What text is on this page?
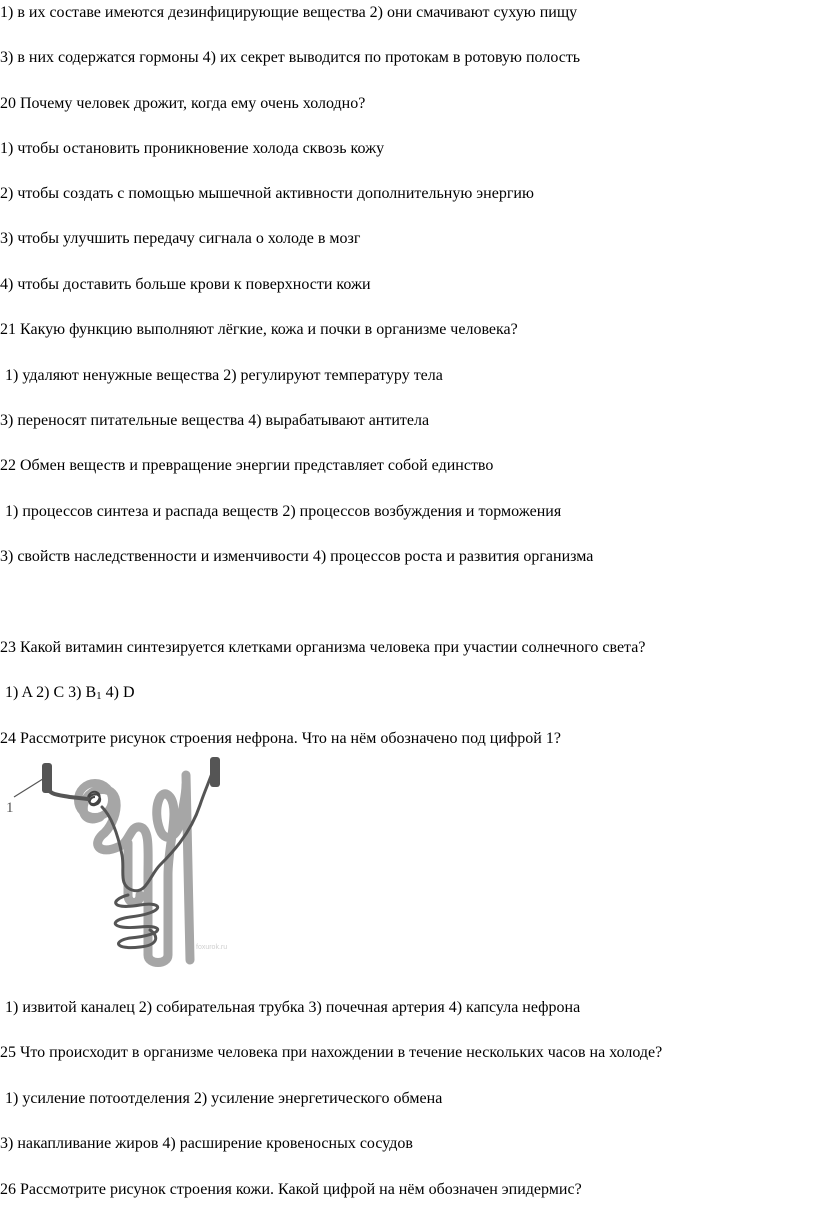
1) в их составе имеются дезинфицирующие вещества 2) они смачивают сухую пищу
3) в них содержатся гормоны 4) их секрет выводится по протокам в ротовую полость
20 Почему человек дрожит, когда ему очень холодно?
1) чтобы остановить проникновение холода сквозь кожу
2) чтобы создать с помощью мышечной активности дополнительную энергию
3) чтобы улучшить передачу сигнала о холоде в мозг
4) чтобы доставить больше крови к поверхности кожи
21 Какую функцию выполняют лёгкие, кожа и почки в организме человека?
1) удаляют ненужные вещества 2) регулируют температуру тела
3) переносят питательные вещества 4) вырабатывают антитела
22 Обмен веществ и превращение энергии представляет собой единство
1) процессов синтеза и распада веществ 2) процессов возбуждения и торможения
3) свойств наследственности и изменчивости 4) процессов роста и развития организма
23 Какой витамин синтезируется клетками организма человека при участии солнечного света?
1) A 2) C 3) $B_1$ 4) D
24 Рассмотрите рисунок строения нефрона. Что на нём обозначено под цифрой 1?
1
foxurok.ru
1) извитой каналец 2) собирательная трубка 3) почечная артерия 4) капсула нефрона
25 Что происходит в организме человека при нахождении в течение нескольких часов на холоде?
1) усиление потоотделения 2) усиление энергетического обмена
3) накапливание жиров 4) расширение кровеносных сосудов
26 Рассмотрите рисунок строения кожи. Какой цифрой на нём обозначен эпидермис?
